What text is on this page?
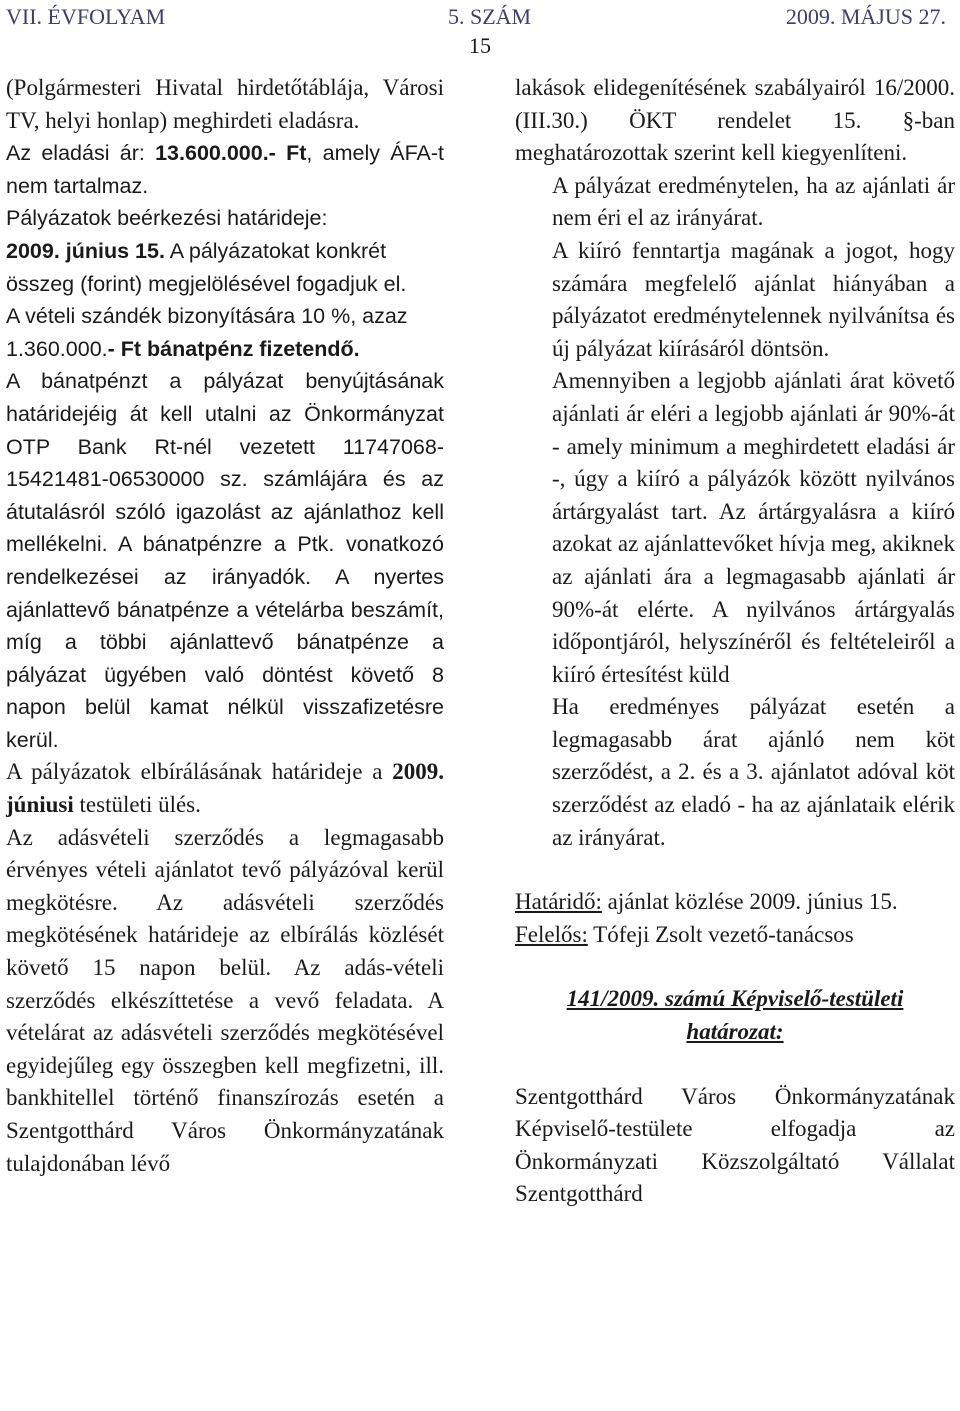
VII. ÉVFOLYAM	5. SZÁM	2009. MÁJUS 27.
15

(Polgármesteri Hivatal hirdetőtáblája, Városi TV, helyi honlap) meghirdeti eladásra.

Az eladási ár: 13.600.000.- Ft, amely ÁFA-t nem tartalmaz.

Pályázatok beérkezési határideje:

2009. június 15. A pályázatokat konkrét összeg (forint) megjelölésével fogadjuk el.

A vételi szándék bizonyítására 10 %, azaz 1.360.000.- Ft bánatpénz fizetendő.

A bánatpénzt a pályázat benyújtásának határidejéig át kell utalni az Önkormányzat OTP Bank Rt-nél vezetett 11747068-15421481-06530000 sz. számlájára és az átutalásról szóló igazolást az ajánlathoz kell mellékelni. A bánatpénzre a Ptk. vonatkozó rendelkezései az irányadók. A nyertes ajánlattevő bánatpénze a vételárba beszámít, míg a többi ajánlattevő bánatpénze a pályázat ügyében való döntést követő 8 napon belül kamat nélkül visszafizetésre kerül.

A pályázatok elbírálásának határideje a 2009. júniusi testületi ülés.

Az adásvételi szerződés a legmagasabb érvényes vételi ajánlatot tevő pályázóval kerül megkötésre. Az adásvételi szerződés megkötésének határideje az elbírálás közlését követő 15 napon belül. Az adás-vételi szerződés elkészíttetése a vevő feladata. A vételárat az adásvételi szerződés megkötésével egyidejűleg egy összegben kell megfizetni, ill. bankhitellel történő finanszírozás esetén a Szentgotthárd Város Önkormányzatának tulajdonában lévő

lakások elidegenítésének szabályairól 16/2000.(III.30.) ÖKT rendelet 15. §-ban meghatározottak szerint kell kiegyenlíteni.

A pályázat eredménytelen, ha az ajánlati ár nem éri el az irányárat.

A kiíró fenntartja magának a jogot, hogy számára megfelelő ajánlat hiányában a pályázatot eredménytelennek nyilvánítsa és új pályázat kiírásáról döntsön.

Amennyiben a legjobb ajánlati árat követő ajánlati ár eléri a legjobb ajánlati ár 90%-át - amely minimum a meghirdetett eladási ár -, úgy a kiíró a pályázók között nyilvános ártárgyalást tart. Az ártárgyalásra a kiíró azokat az ajánlattevőket hívja meg, akiknek az ajánlati ára a legmagasabb ajánlati ár 90%-át elérte. A nyilvános ártárgyalás időpontjáról, helyszínéről és feltételeiről a kiíró értesítést küld

Ha eredményes pályázat esetén a legmagasabb árat ajánló nem köt szerződést, a 2. és a 3. ajánlatot adóval köt szerződést az eladó - ha az ajánlataik elérik az irányárat.

Határidő: ajánlat közlése 2009. június 15.

Felelős: Tófeji Zsolt vezető-tanácsos

141/2009. számú Képviselő-testületi határozat:

Szentgotthárd Város Önkormányzatának Képviselő-testülete elfogadja az Önkormányzati Közszolgáltató Vállalat Szentgotthárd
